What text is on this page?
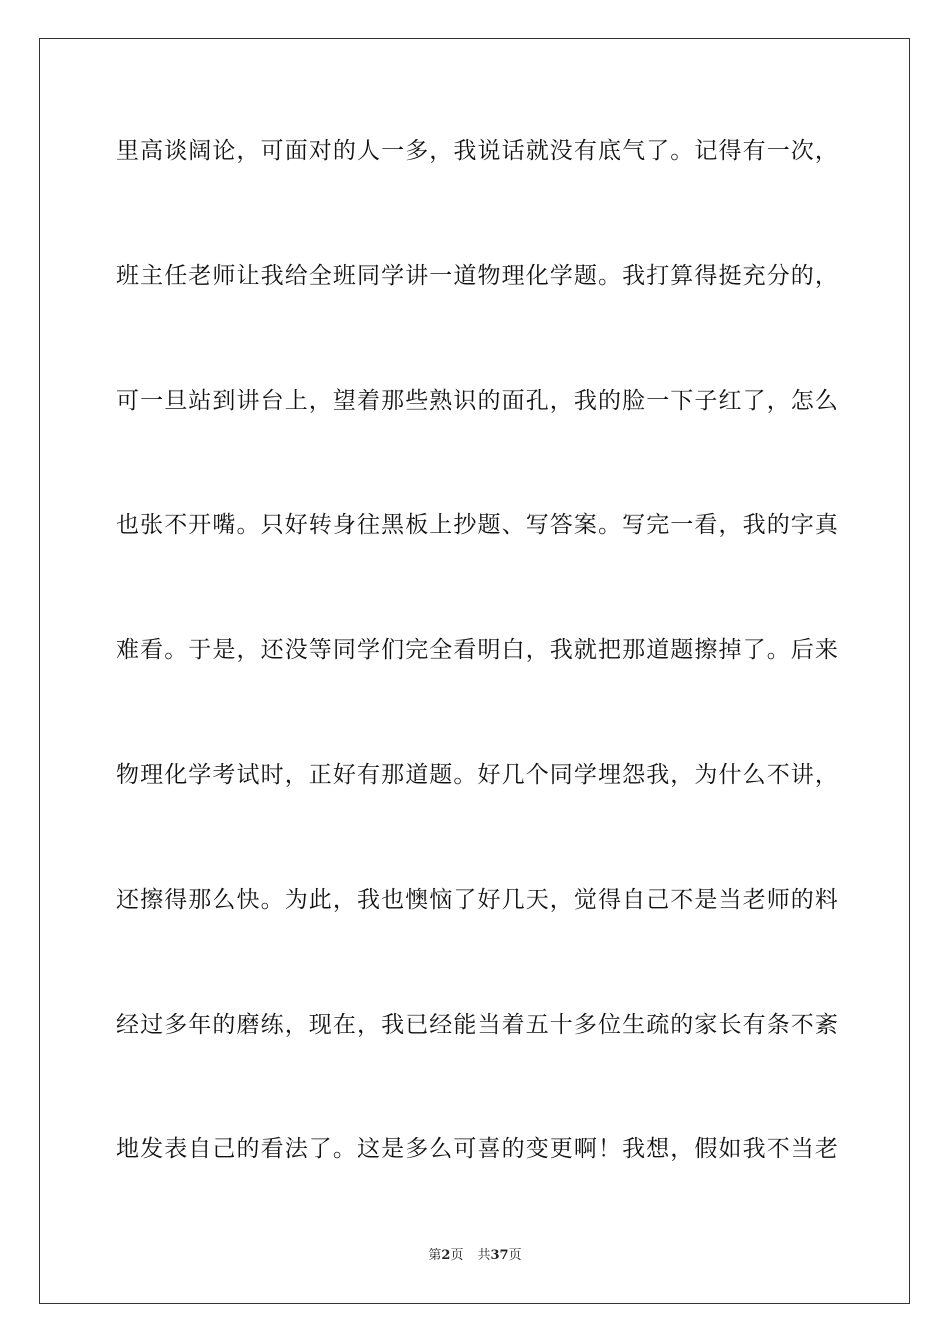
里高谈阔论，可面对的人一多，我说话就没有底气了。记得有一次，
班主任老师让我给全班同学讲一道物理化学题。我打算得挺充分的，
可一旦站到讲台上，望着那些熟识的面孔，我的脸一下子红了，怎么
也张不开嘴。只好转身往黑板上抄题、写答案。写完一看，我的字真
难看。于是，还没等同学们完全看明白，我就把那道题擦掉了。后来
物理化学考试时，正好有那道题。好几个同学埋怨我，为什么不讲，
还擦得那么快。为此，我也懊恼了好几天，觉得自己不是当老师的料
经过多年的磨练，现在，我已经能当着五十多位生疏的家长有条不紊
地发表自己的看法了。这是多么可喜的变更啊！我想，假如我不当老
第2页 共37页
